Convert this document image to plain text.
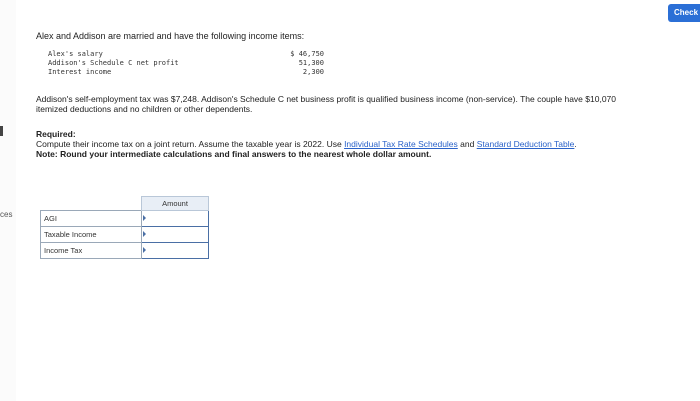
ces
Check
Alex and Addison are married and have the following income items:
Alex's salary	$ 46,750
Addison's Schedule C net profit	51,300
Interest income	2,300
Addison's self-employment tax was $7,248. Addison's Schedule C net business profit is qualified business income (non-service). The couple have $10,070 itemized deductions and no children or other dependents.
Required:
Compute their income tax on a joint return. Assume the taxable year is 2022. Use Individual Tax Rate Schedules and Standard Deduction Table.
Note: Round your intermediate calculations and final answers to the nearest whole dollar amount.
	Amount
AGI	

Taxable Income	

Income Tax	
